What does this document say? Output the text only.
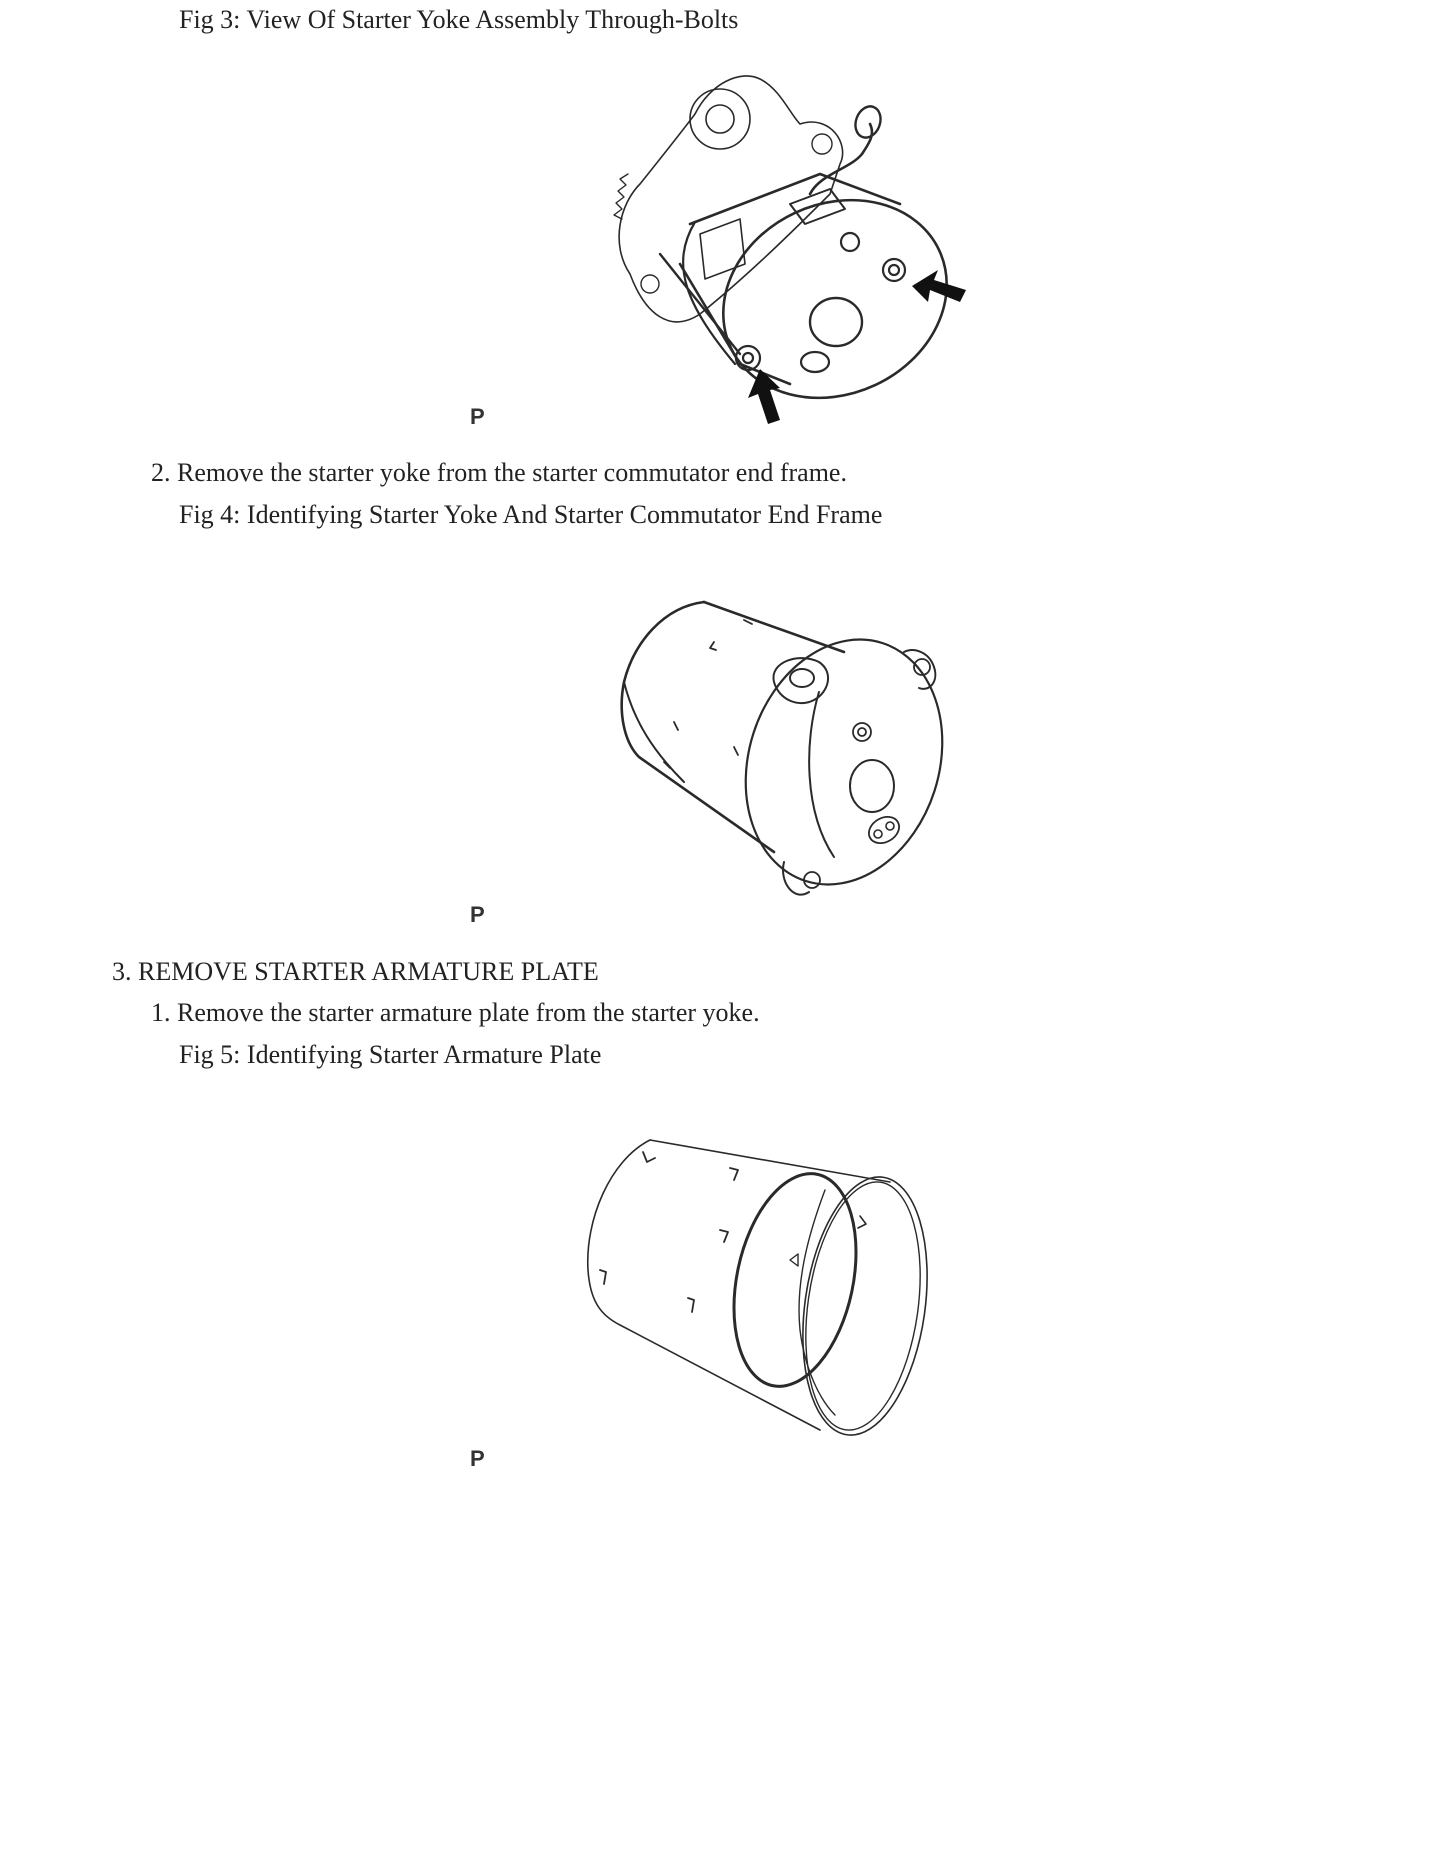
Fig 3: View Of Starter Yoke Assembly Through-Bolts
P
2. Remove the starter yoke from the starter commutator end frame.
Fig 4: Identifying Starter Yoke And Starter Commutator End Frame
P
3. REMOVE STARTER ARMATURE PLATE
1. Remove the starter armature plate from the starter yoke.
Fig 5: Identifying Starter Armature Plate
P
